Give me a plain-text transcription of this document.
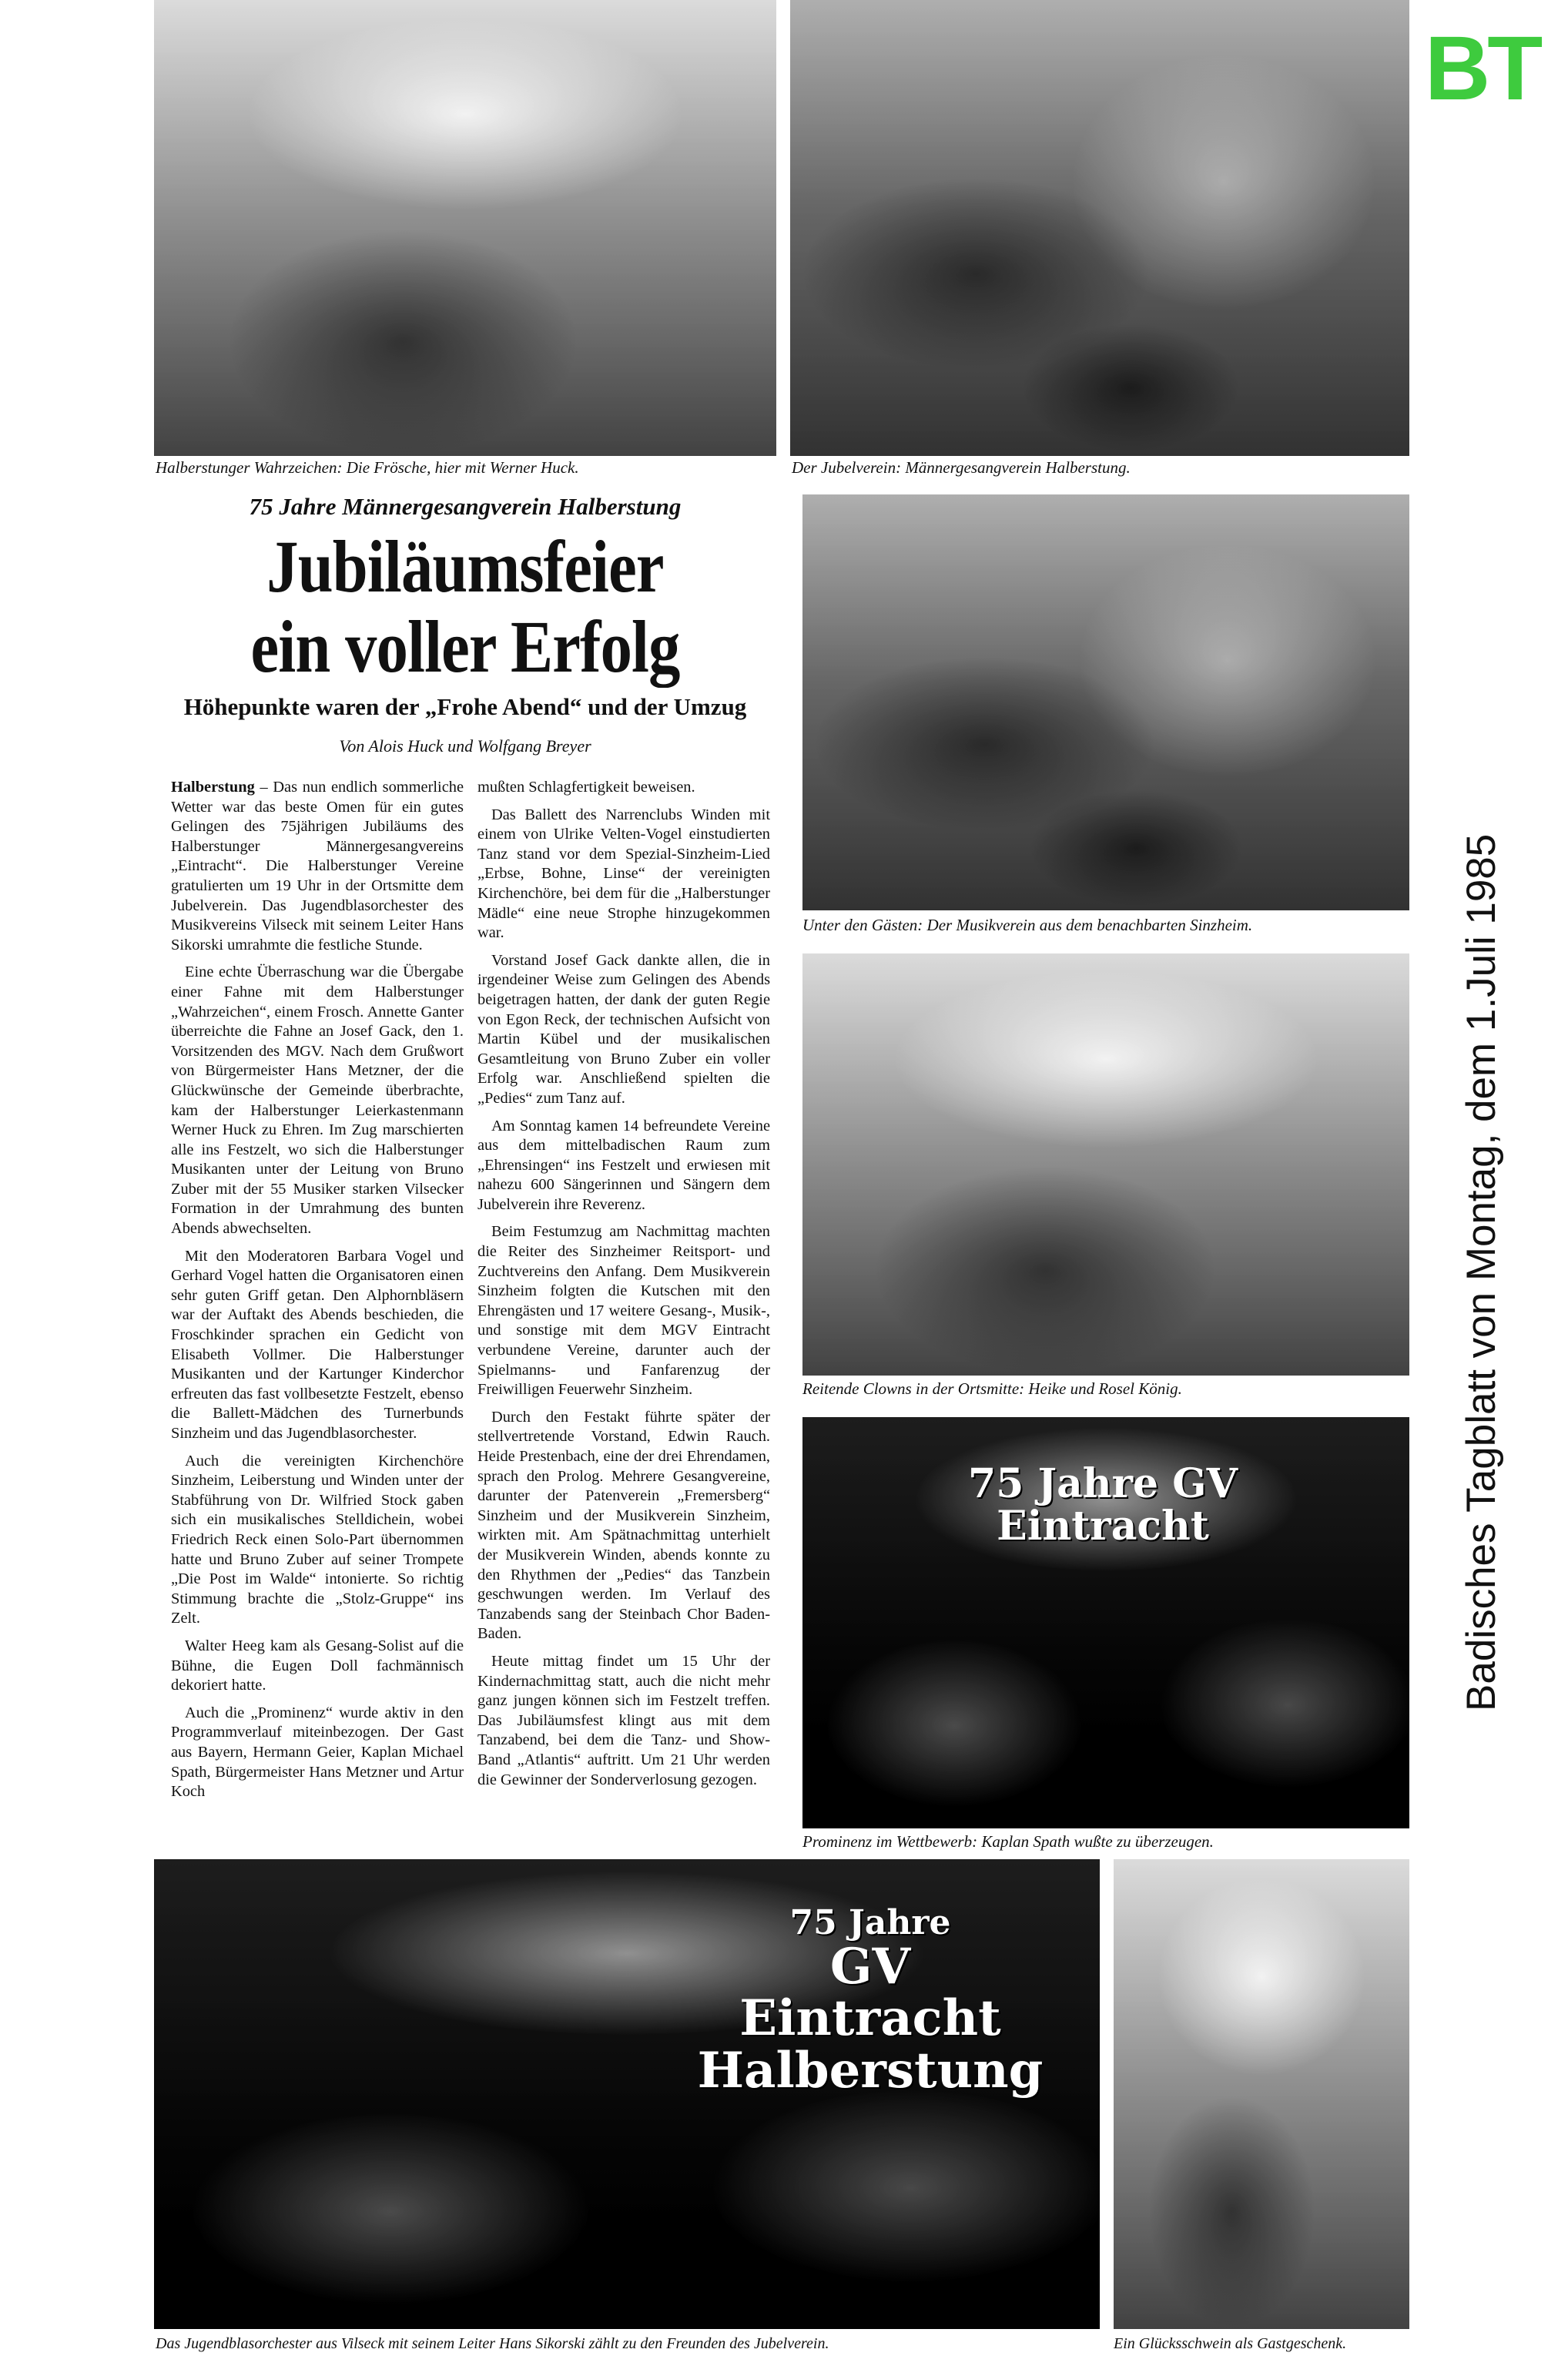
BT
Badisches Tagblatt von Montag, dem 1.Juli 1985
Halberstunger Wahrzeichen: Die Frösche, hier mit Werner Huck.	Der Jubelverein: Männergesangverein Halberstung.
75 Jahre Männergesangverein Halberstung
Jubiläumsfeier
ein voller Erfolg
Höhepunkte waren der „Frohe Abend“ und der Umzug
Von Alois Huck und Wolfgang Breyer

Halberstung – Das nun endlich sommerliche Wetter war das beste Omen für ein gutes Gelingen des 75jährigen Jubiläums des Halberstunger Männergesangvereins „Eintracht“. Die Halberstunger Vereine gratulierten um 19 Uhr in der Ortsmitte dem Jubelverein. Das Jugendblasorchester des Musikvereins Vilseck mit seinem Leiter Hans Sikorski umrahmte die festliche Stunde.

Eine echte Überraschung war die Übergabe einer Fahne mit dem Halberstunger „Wahrzeichen“, einem Frosch. Annette Ganter überreichte die Fahne an Josef Gack, den 1. Vorsitzenden des MGV. Nach dem Grußwort von Bürgermeister Hans Metzner, der die Glückwünsche der Gemeinde überbrachte, kam der Halberstunger Leierkastenmann Werner Huck zu Ehren. Im Zug marschierten alle ins Festzelt, wo sich die Halberstunger Musikanten unter der Leitung von Bruno Zuber mit der 55 Musiker starken Vilsecker Formation in der Umrahmung des bunten Abends abwechselten.

Mit den Moderatoren Barbara Vogel und Gerhard Vogel hatten die Organisatoren einen sehr guten Griff getan. Den Alphornbläsern war der Auftakt des Abends beschieden, die Froschkinder sprachen ein Gedicht von Elisabeth Vollmer. Die Halberstunger Musikanten und der Kartunger Kinderchor erfreuten das fast vollbesetzte Festzelt, ebenso die Ballett-Mädchen des Turnerbunds Sinzheim und das Jugendblasorchester.

Auch die vereinigten Kirchenchöre Sinzheim, Leiberstung und Winden unter der Stabführung von Dr. Wilfried Stock gaben sich ein musikalisches Stelldichein, wobei Friedrich Reck einen Solo-Part übernommen hatte und Bruno Zuber auf seiner Trompete „Die Post im Walde“ intonierte. So richtig Stimmung brachte die „Stolz-Gruppe“ ins Zelt.

Walter Heeg kam als Gesang-Solist auf die Bühne, die Eugen Doll fachmännisch dekoriert hatte.

Auch die „Prominenz“ wurde aktiv in den Programmverlauf miteinbezogen. Der Gast aus Bayern, Hermann Geier, Kaplan Michael Spath, Bürgermeister Hans Metzner und Artur Koch

mußten Schlagfertigkeit beweisen.

Das Ballett des Narrenclubs Winden mit einem von Ulrike Velten-Vogel einstudierten Tanz stand vor dem Spezial-Sinzheim-Lied „Erbse, Bohne, Linse“ der vereinigten Kirchenchöre, bei dem für die „Halberstunger Mädle“ eine neue Strophe hinzugekommen war.

Vorstand Josef Gack dankte allen, die in irgendeiner Weise zum Gelingen des Abends beigetragen hatten, der dank der guten Regie von Egon Reck, der technischen Aufsicht von Martin Kübel und der musikalischen Gesamtleitung von Bruno Zuber ein voller Erfolg war. Anschließend spielten die „Pedies“ zum Tanz auf.

Am Sonntag kamen 14 befreundete Vereine aus dem mittelbadischen Raum zum „Ehrensingen“ ins Festzelt und erwiesen mit nahezu 600 Sängerinnen und Sängern dem Jubelverein ihre Reverenz.

Beim Festumzug am Nachmittag machten die Reiter des Sinzheimer Reitsport- und Zuchtvereins den Anfang. Dem Musikverein Sinzheim folgten die Kutschen mit den Ehrengästen und 17 weitere Gesang-, Musik-, und sonstige mit dem MGV Eintracht verbundene Vereine, darunter auch der Spielmanns- und Fanfarenzug der Freiwilligen Feuerwehr Sinzheim.

Durch den Festakt führte später der stellvertretende Vorstand, Edwin Rauch. Heide Prestenbach, eine der drei Ehrendamen, sprach den Prolog. Mehrere Gesangvereine, darunter der Patenverein „Fremersberg“ Sinzheim und der Musikverein Sinzheim, wirkten mit. Am Spätnachmittag unterhielt der Musikverein Winden, abends konnte zu den Rhythmen der „Pedies“ das Tanzbein geschwungen werden. Im Verlauf des Tanzabends sang der Steinbach Chor Baden-Baden.

Heute mittag findet um 15 Uhr der Kindernachmittag statt, auch die nicht mehr ganz jungen können sich im Festzelt treffen. Das Jubiläumsfest klingt aus mit dem Tanzabend, bei dem die Tanz- und Show-Band „Atlantis“ auftritt. Um 21 Uhr werden die Gewinner der Sonderverlosung gezogen.

Unter den Gästen: Der Musikverein aus dem benachbarten Sinzheim.
Reitende Clowns in der Ortsmitte: Heike und Rosel König.
75 Jahre GV Eintracht
Prominenz im Wettbewerb: Kaplan Spath wußte zu überzeugen.
75 Jahre
GV Eintracht
Halberstung
Das Jugendblasorchester aus Vilseck mit seinem Leiter Hans Sikorski zählt zu den Freunden des Jubelverein.	Ein Glücksschwein als Gastgeschenk.
